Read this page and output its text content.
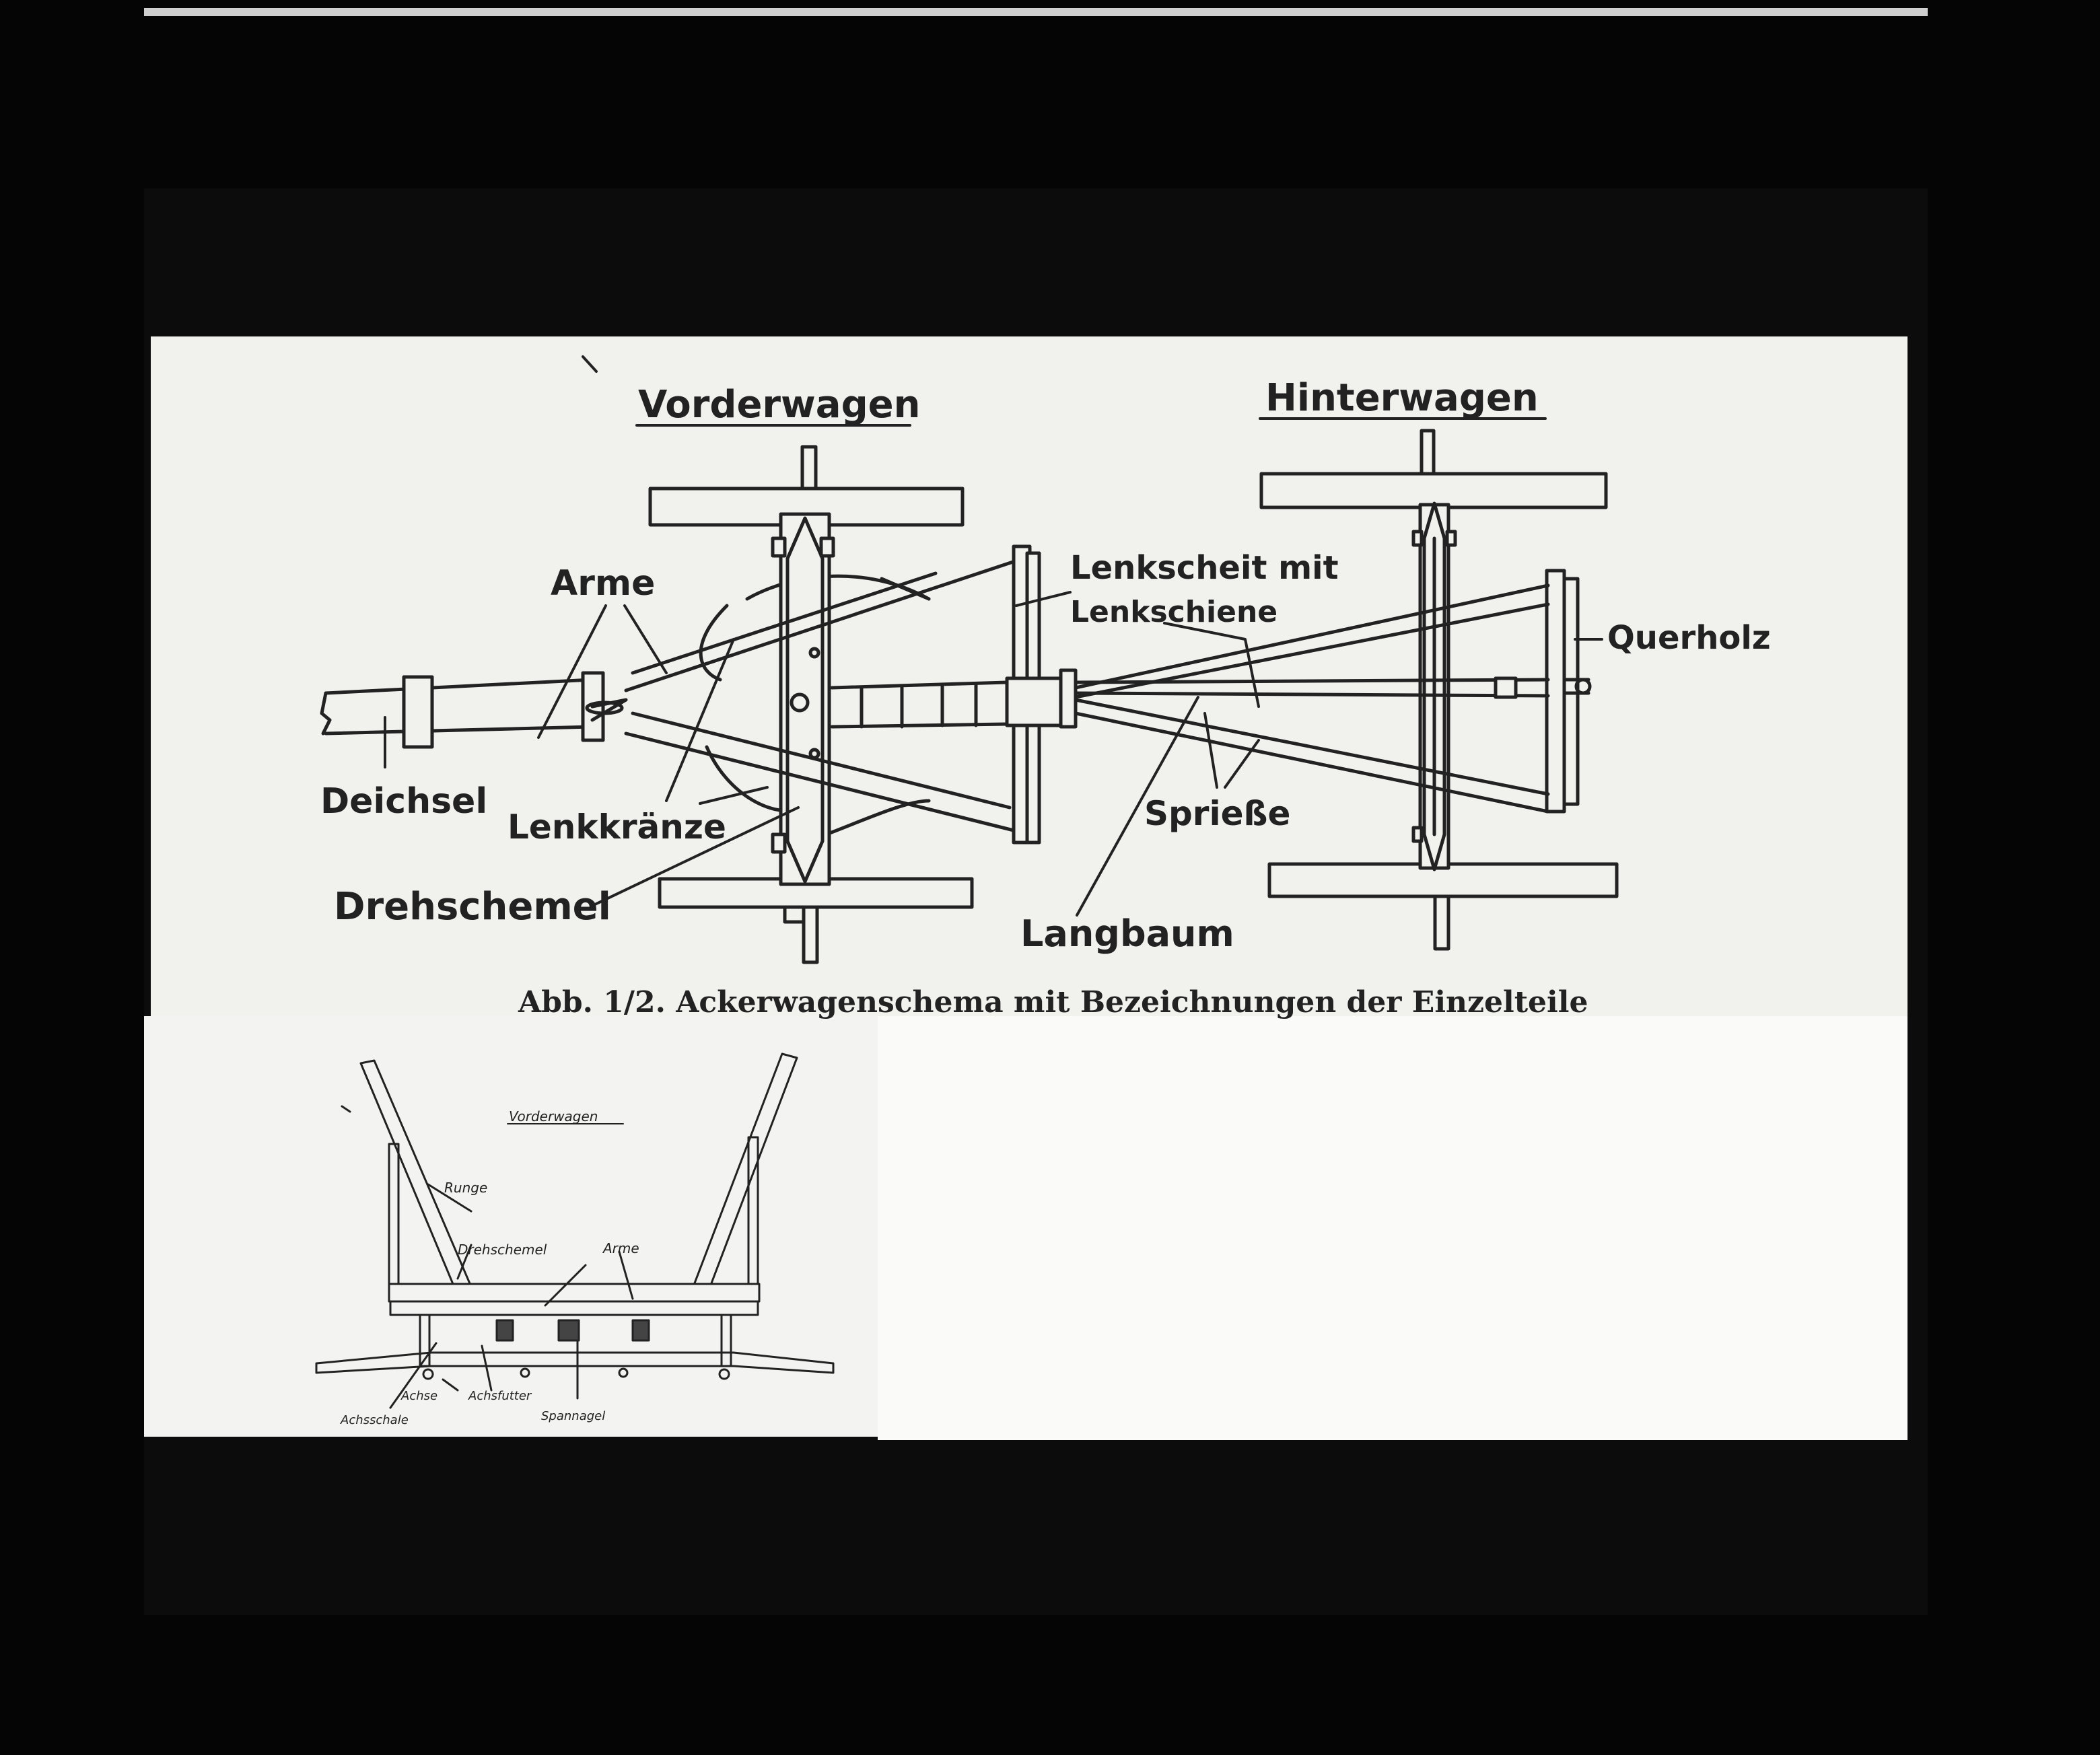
Vorderwagen	Hinterwagen
Arme	Lenkscheit mit
Lenkschiene
Querholz
Deichsel
Lenkkränze	Sprieße
Drehschemel
Langbaum
Abb. 1/2. Ackerwagenschema mit Bezeichnungen der Einzelteile
Vorderwagen
Runge
Drehschemel	Arme
Achse	Achsfutter
Achsschale	Spannagel
